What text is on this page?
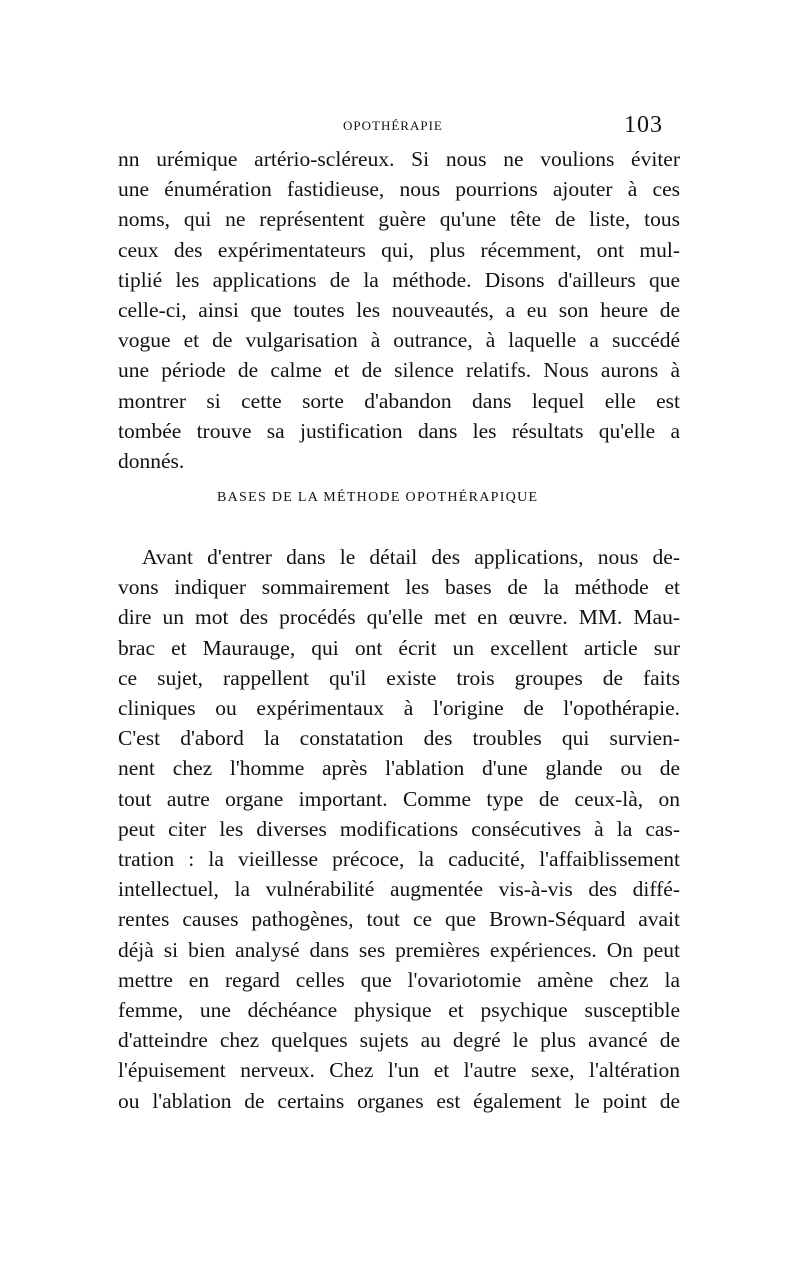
OPOTHÉRAPIE	103
nn urémique artério-scléreux. Si nous ne voulions éviter
une énumération fastidieuse, nous pourrions ajouter à ces
noms, qui ne représentent guère qu'une tête de liste, tous
ceux des expérimentateurs qui, plus récemment, ont mul-
tiplié les applications de la méthode. Disons d'ailleurs que
celle-ci, ainsi que toutes les nouveautés, a eu son heure de
vogue et de vulgarisation à outrance, à laquelle a succédé
une période de calme et de silence relatifs. Nous aurons à
montrer si cette sorte d'abandon dans lequel elle est
tombée trouve sa justification dans les résultats qu'elle a
donnés.
BASES DE LA MÉTHODE OPOTHÉRAPIQUE
Avant d'entrer dans le détail des applications, nous de-
vons indiquer sommairement les bases de la méthode et
dire un mot des procédés qu'elle met en œuvre. MM. Mau-
brac et Maurauge, qui ont écrit un excellent article sur
ce sujet, rappellent qu'il existe trois groupes de faits
cliniques ou expérimentaux à l'origine de l'opothérapie.
C'est d'abord la constatation des troubles qui survien-
nent chez l'homme après l'ablation d'une glande ou de
tout autre organe important. Comme type de ceux-là, on
peut citer les diverses modifications consécutives à la cas-
tration : la vieillesse précoce, la caducité, l'affaiblissement
intellectuel, la vulnérabilité augmentée vis-à-vis des diffé-
rentes causes pathogènes, tout ce que Brown-Séquard avait
déjà si bien analysé dans ses premières expériences. On peut
mettre en regard celles que l'ovariotomie amène chez la
femme, une déchéance physique et psychique susceptible
d'atteindre chez quelques sujets au degré le plus avancé de
l'épuisement nerveux. Chez l'un et l'autre sexe, l'altération
ou l'ablation de certains organes est également le point de
